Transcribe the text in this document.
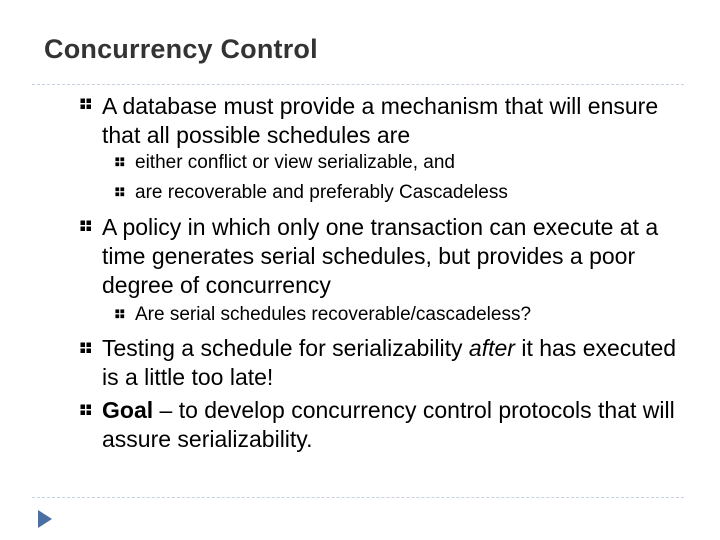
Concurrency Control
A database must provide a mechanism that will ensure that all possible schedules are
either conflict or view serializable, and
are recoverable and preferably Cascadeless
A policy in which only one transaction can execute at a time generates serial schedules, but provides a poor degree of concurrency
Are serial schedules recoverable/cascadeless?
Testing a schedule for serializability after it has executed is a little too late!
Goal – to develop concurrency control protocols that will assure serializability.
